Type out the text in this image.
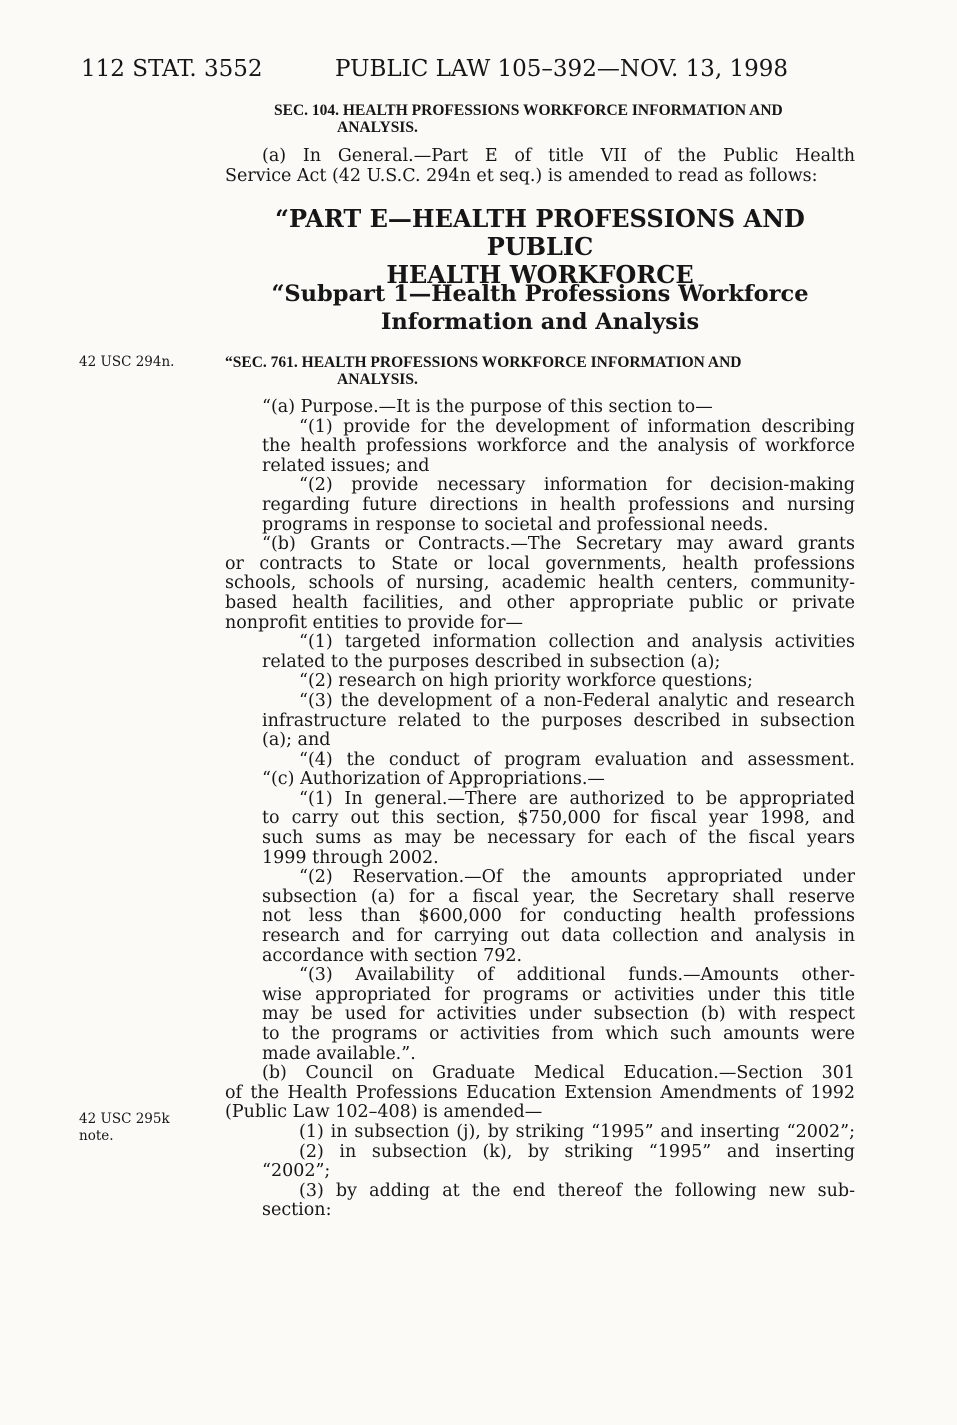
112 STAT. 3552	PUBLIC LAW 105–392—NOV. 13, 1998
42 USC 294n.
42 USC 295k
note.
SEC. 104. HEALTH PROFESSIONS WORKFORCE INFORMATION AND
ANALYSIS.
(a) In General.—Part E of title VII of the Public Health
Service Act (42 U.S.C. 294n et seq.) is amended to read as follows:
“PART E—HEALTH PROFESSIONS AND PUBLIC
HEALTH WORKFORCE
“Subpart 1—Health Professions Workforce
Information and Analysis
“SEC. 761. HEALTH PROFESSIONS WORKFORCE INFORMATION AND
ANALYSIS.
“(a) Purpose.—It is the purpose of this section to—
“(1) provide for the development of information describing
the health professions workforce and the analysis of workforce
related issues; and
“(2) provide necessary information for decision-making
regarding future directions in health professions and nursing
programs in response to societal and professional needs.
“(b) Grants or Contracts.—The Secretary may award grants
or contracts to State or local governments, health professions
schools, schools of nursing, academic health centers, community-
based health facilities, and other appropriate public or private
nonprofit entities to provide for—
“(1) targeted information collection and analysis activities
related to the purposes described in subsection (a);
“(2) research on high priority workforce questions;
“(3) the development of a non-Federal analytic and research
infrastructure related to the purposes described in subsection
(a); and
“(4) the conduct of program evaluation and assessment.
“(c) Authorization of Appropriations.—
“(1) In general.—There are authorized to be appropriated
to carry out this section, $750,000 for fiscal year 1998, and
such sums as may be necessary for each of the fiscal years
1999 through 2002.
“(2) Reservation.—Of the amounts appropriated under
subsection (a) for a fiscal year, the Secretary shall reserve
not less than $600,000 for conducting health professions
research and for carrying out data collection and analysis in
accordance with section 792.
“(3) Availability of additional funds.—Amounts other-
wise appropriated for programs or activities under this title
may be used for activities under subsection (b) with respect
to the programs or activities from which such amounts were
made available.”.
(b) Council on Graduate Medical Education.—Section 301
of the Health Professions Education Extension Amendments of 1992
(Public Law 102–408) is amended—
(1) in subsection (j), by striking “1995” and inserting “2002”;
(2) in subsection (k), by striking “1995” and inserting
“2002”;
(3) by adding at the end thereof the following new sub-
section:
